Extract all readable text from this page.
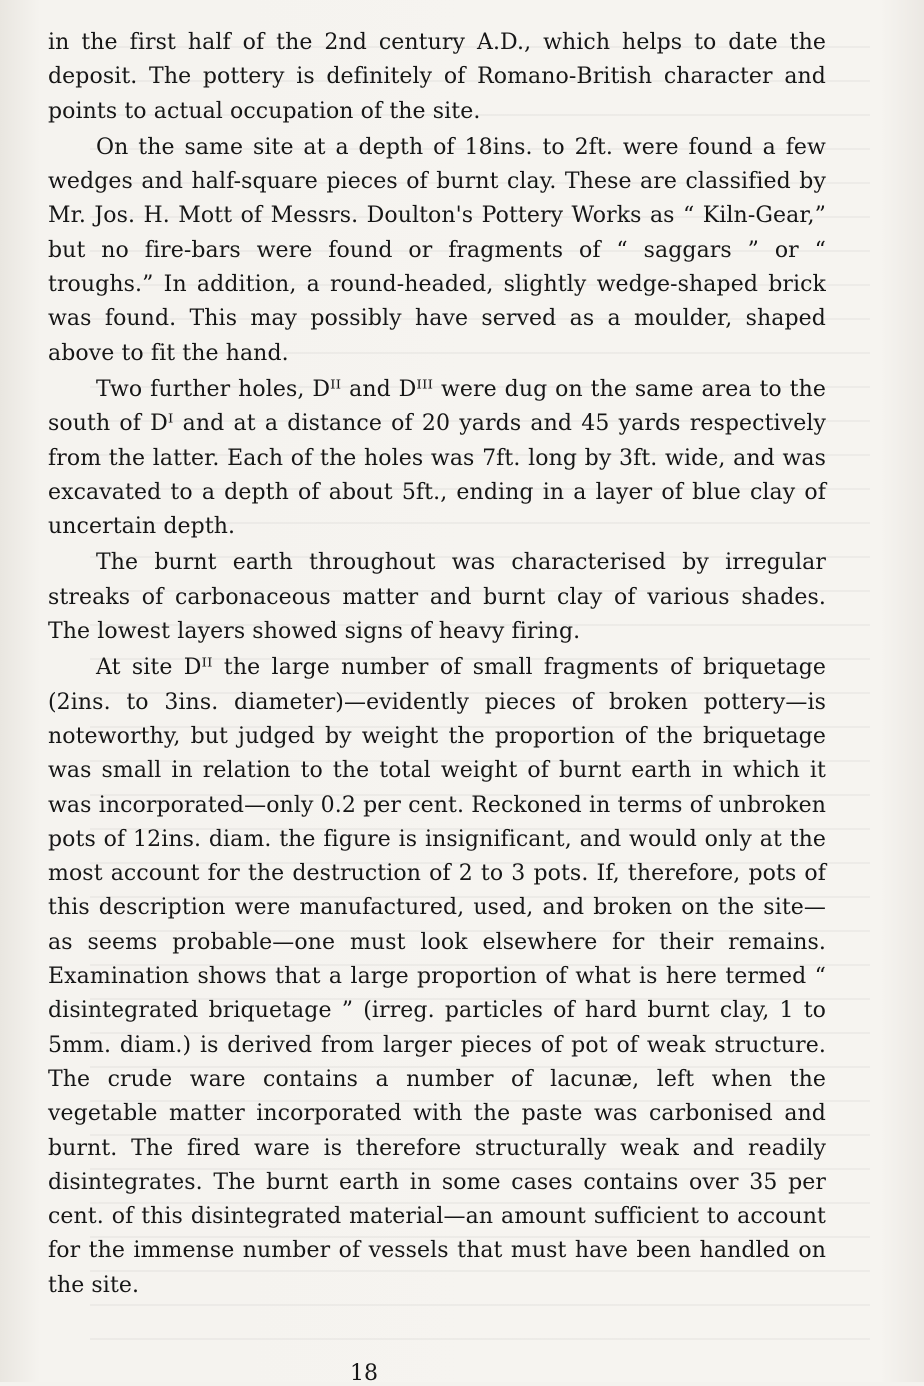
in the first half of the 2nd century A.D., which helps to date the deposit. The pottery is definitely of Romano-British character and points to actual occupation of the site.

On the same site at a depth of 18ins. to 2ft. were found a few wedges and half-square pieces of burnt clay. These are classified by Mr. Jos. H. Mott of Messrs. Doulton's Pottery Works as “ Kiln-Gear,” but no fire-bars were found or fragments of “ saggars ” or “ troughs.” In addition, a round-headed, slightly wedge-shaped brick was found. This may possibly have served as a moulder, shaped above to fit the hand.

Two further holes, Dᴵᴵ and Dᴵᴵᴵ were dug on the same area to the south of Dᴵ and at a distance of 20 yards and 45 yards respectively from the latter. Each of the holes was 7ft. long by 3ft. wide, and was excavated to a depth of about 5ft., ending in a layer of blue clay of uncertain depth.

The burnt earth throughout was characterised by irregular streaks of carbonaceous matter and burnt clay of various shades. The lowest layers showed signs of heavy firing.

At site Dᴵᴵ the large number of small fragments of briquetage (2ins. to 3ins. diameter)—evidently pieces of broken pottery—is noteworthy, but judged by weight the proportion of the briquetage was small in relation to the total weight of burnt earth in which it was incorporated—only 0.2 per cent. Reckoned in terms of unbroken pots of 12ins. diam. the figure is insignificant, and would only at the most account for the destruction of 2 to 3 pots. If, therefore, pots of this description were manufactured, used, and broken on the site—as seems probable—one must look elsewhere for their remains. Examination shows that a large proportion of what is here termed “ disintegrated briquetage ” (irreg. particles of hard burnt clay, 1 to 5mm. diam.) is derived from larger pieces of pot of weak structure. The crude ware contains a number of lacunæ, left when the vegetable matter incorporated with the paste was carbonised and burnt. The fired ware is therefore structurally weak and readily disintegrates. The burnt earth in some cases contains over 35 per cent. of this disintegrated material—an amount sufficient to account for the immense number of vessels that must have been handled on the site.

18
